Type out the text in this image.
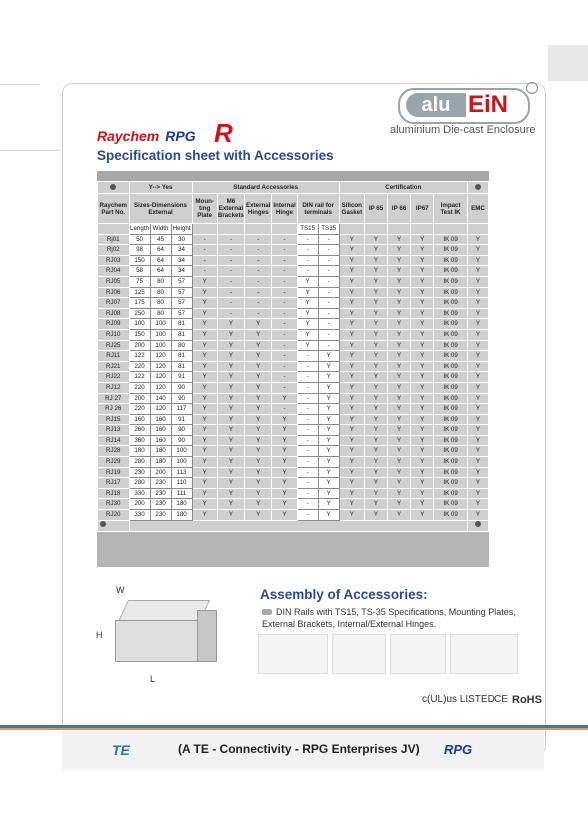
Raychem RPG R
alu EiN
aluminium Die-cast Enclosure
Specification sheet with Accessories
	Y--> Yes			Standard Accessories						Certification					
Raychem Part No.	Sizes-Dimensions External			Moun- ting Plate	M6 External Brackets	External Hinges	Internal Hinge	DIN rail for terminals		Silicon Gasket	IP 65	IP 66	IP67	Impact Test IK	EMC
	Length	Width	Height					TS15	TS35						
Rj01	50	45	30	-	-	-	-	-	-	Y	Y	Y	Y	IK 09	Y
Rj02	98	64	34	-	-	-	-	-	-	Y	Y	Y	Y	IK 09	Y
RJ03	150	64	34	-	-	-	-	-	-	Y	Y	Y	Y	IK 09	Y
RJ04	58	64	34	-	-	-	-	-	-	Y	Y	Y	Y	IK 09	Y
RJ05	75	80	57	Y	-	-	-	Y	-	Y	Y	Y	Y	IK 09	Y
RJ06	125	80	57	Y	-	-	-	Y	-	Y	Y	Y	Y	IK 09	Y
RJ07	175	80	57	Y	-	-	-	Y	-	Y	Y	Y	Y	IK 09	Y
RJ08	250	80	57	Y	-	-	-	Y	-	Y	Y	Y	Y	IK 09	Y
RJ09	100	100	81	Y	Y	Y	-	Y	-	Y	Y	Y	Y	IK 09	Y
RJ10	150	100	81	Y	Y	Y	-	Y	-	Y	Y	Y	Y	IK 09	Y
RJ25	200	100	80	Y	Y	Y	-	Y	-	Y	Y	Y	Y	IK 09	Y
RJ11	122	120	81	Y	Y	Y	-	-	Y	Y	Y	Y	Y	IK 09	Y
RJ21	220	120	81	Y	Y	Y	-	-	Y	Y	Y	Y	Y	IK 09	Y
RJ22	122	120	91	Y	Y	Y	-	-	Y	Y	Y	Y	Y	IK 09	Y
RJ12	220	120	90	Y	Y	Y	-	-	Y	Y	Y	Y	Y	IK 09	Y
RJ 27	200	140	90	Y	Y	Y	Y	-	Y	Y	Y	Y	Y	IK 09	Y
RJ 26	220	120	117	Y	Y	Y	-	-	Y	Y	Y	Y	Y	IK 09	Y
RJ15	160	160	91	Y	Y	Y	Y	-	Y	Y	Y	Y	Y	IK 09	Y
RJ13	260	160	90	Y	Y	Y	Y	-	Y	Y	Y	Y	Y	IK 09	Y
RJ14	360	160	90	Y	Y	Y	Y	-	Y	Y	Y	Y	Y	IK 09	Y
RJ28	180	180	100	Y	Y	Y	Y	-	Y	Y	Y	Y	Y	IK 09	Y
RJ29	280	180	100	Y	Y	Y	Y	-	Y	Y	Y	Y	Y	IK 09	Y
RJ19	230	200	113	Y	Y	Y	Y	-	Y	Y	Y	Y	Y	IK 09	Y
RJ17	280	230	110	Y	Y	Y	Y	-	Y	Y	Y	Y	Y	IK 09	Y
RJ18	330	230	111	Y	Y	Y	Y	-	Y	Y	Y	Y	Y	IK 09	Y
RJ30	200	230	180	Y	Y	Y	Y	-	Y	Y	Y	Y	Y	IK 09	Y
RJ20	330	230	180	Y	Y	Y	Y	-	Y	Y	Y	Y	Y	IK 09	Y

W
H
L
Assembly of Accessories:
DIN Rails with TS15, TS-35 Specifications, Mounting Plates, External Brackets, Internal/External Hinges.
c(UL)us LISTED CE RoHS
TE	(A TE - Connectivity - RPG Enterprises JV) RPG
